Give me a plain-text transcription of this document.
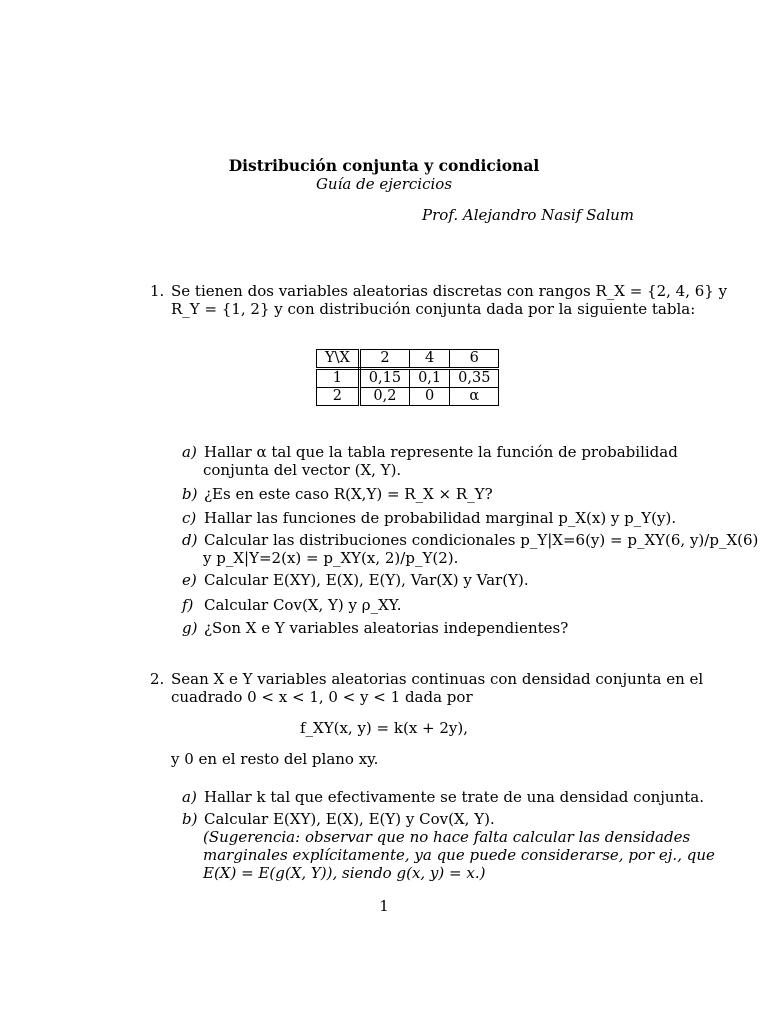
Distribución conjunta y condicional
Guía de ejercicios
Prof. Alejandro Nasif Salum
1. Se tienen dos variables aleatorias discretas con rangos R_X = {2, 4, 6} y
R_Y = {1, 2} y con distribución conjunta dada por la siguiente tabla:
Y\X	2	4	6
1	0,15	0,1	0,35
2	0,2	0	α
a) Hallar α tal que la tabla represente la función de probabilidad
conjunta del vector (X, Y).
b) ¿Es en este caso R(X,Y) = R_X × R_Y?
c) Hallar las funciones de probabilidad marginal p_X(x) y p_Y(y).
d) Calcular las distribuciones condicionales p_Y|X=6(y) = p_XY(6, y)/p_X(6)
y p_X|Y=2(x) = p_XY(x, 2)/p_Y(2).
e) Calcular E(XY), E(X), E(Y), Var(X) y Var(Y).
f) Calcular Cov(X, Y) y ρ_XY.
g) ¿Son X e Y variables aleatorias independientes?
2. Sean X e Y variables aleatorias continuas con densidad conjunta en el
cuadrado 0 < x < 1, 0 < y < 1 dada por
f_XY(x, y) = k(x + 2y),
y 0 en el resto del plano xy.
a) Hallar k tal que efectivamente se trate de una densidad conjunta.
b) Calcular E(XY), E(X), E(Y) y Cov(X, Y).
(Sugerencia: observar que no hace falta calcular las densidades
marginales explícitamente, ya que puede considerarse, por ej., que
E(X) = E(g(X, Y)), siendo g(x, y) = x.)
1
